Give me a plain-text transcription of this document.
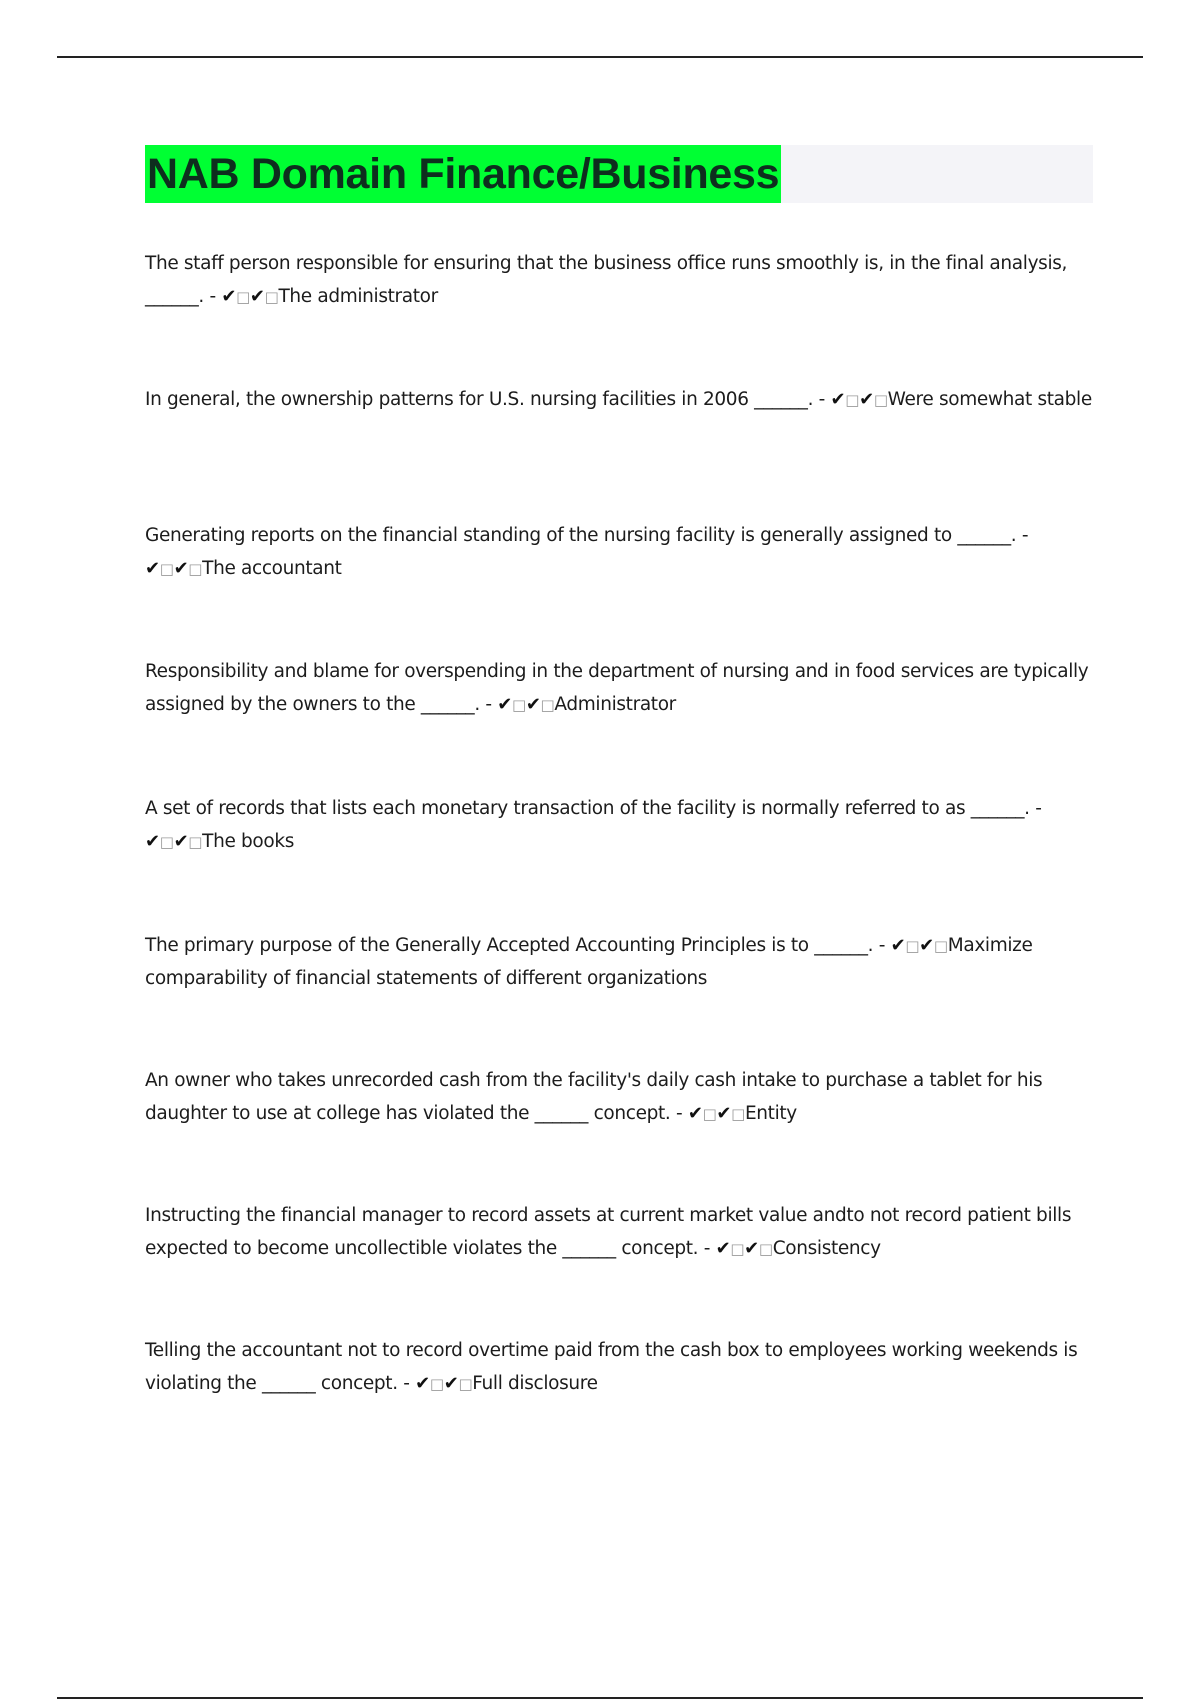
NAB Domain Finance/Business
The staff person responsible for ensuring that the business office runs smoothly is, in the final analysis, ______. - ✔□✔□The administrator
In general, the ownership patterns for U.S. nursing facilities in 2006 ______. - ✔□✔□Were somewhat stable
Generating reports on the financial standing of the nursing facility is generally assigned to ______. - ✔□✔□The accountant
Responsibility and blame for overspending in the department of nursing and in food services are typically assigned by the owners to the ______. - ✔□✔□Administrator
A set of records that lists each monetary transaction of the facility is normally referred to as ______. - ✔□✔□The books
The primary purpose of the Generally Accepted Accounting Principles is to ______. - ✔□✔□Maximize comparability of financial statements of different organizations
An owner who takes unrecorded cash from the facility's daily cash intake to purchase a tablet for his daughter to use at college has violated the ______ concept. - ✔□✔□Entity
Instructing the financial manager to record assets at current market value andto not record patient bills expected to become uncollectible violates the ______ concept. - ✔□✔□Consistency
Telling the accountant not to record overtime paid from the cash box to employees working weekends is violating the ______ concept. - ✔□✔□Full disclosure
